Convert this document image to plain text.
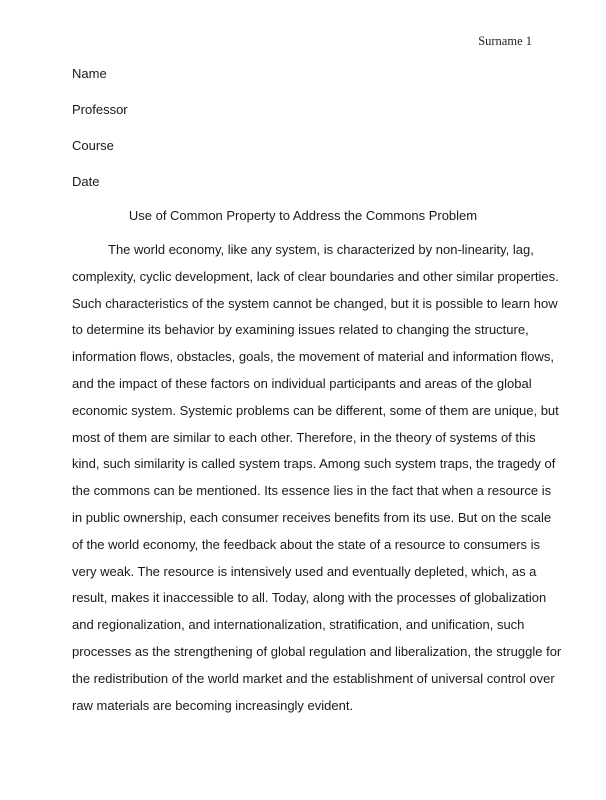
Surname 1
Name
Professor
Course
Date
Use of Common Property to Address the Commons Problem
The world economy, like any system, is characterized by non-linearity, lag,
complexity, cyclic development, lack of clear boundaries and other similar properties.
Such characteristics of the system cannot be changed, but it is possible to learn how
to determine its behavior by examining issues related to changing the structure,
information flows, obstacles, goals, the movement of material and information flows,
and the impact of these factors on individual participants and areas of the global
economic system. Systemic problems can be different, some of them are unique, but
most of them are similar to each other. Therefore, in the theory of systems of this
kind, such similarity is called system traps. Among such system traps, the tragedy of
the commons can be mentioned. Its essence lies in the fact that when a resource is
in public ownership, each consumer receives benefits from its use. But on the scale
of the world economy, the feedback about the state of a resource to consumers is
very weak. The resource is intensively used and eventually depleted, which, as a
result, makes it inaccessible to all. Today, along with the processes of globalization
and regionalization, and internationalization, stratification, and unification, such
processes as the strengthening of global regulation and liberalization, the struggle for
the redistribution of the world market and the establishment of universal control over
raw materials are becoming increasingly evident.
